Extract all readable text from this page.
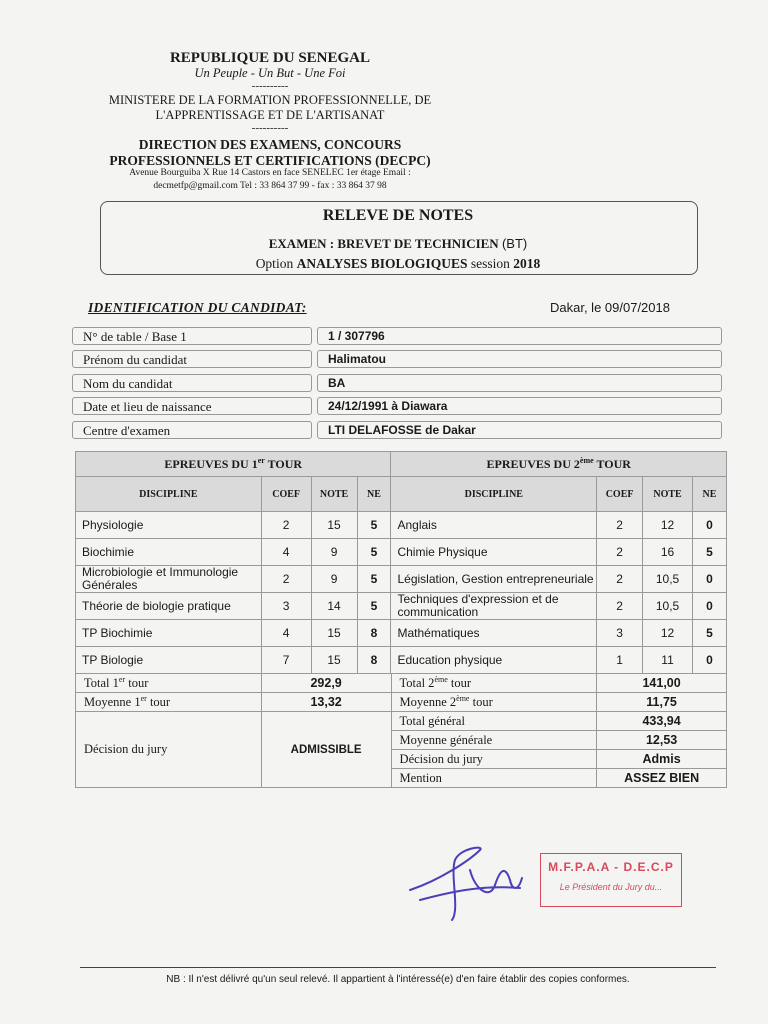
REPUBLIQUE DU SENEGAL
Un Peuple - Un But - Une Foi
----------
MINISTERE DE LA FORMATION PROFESSIONNELLE, DE
L'APPRENTISSAGE ET DE L'ARTISANAT
----------
DIRECTION DES EXAMENS, CONCOURS
PROFESSIONNELS ET CERTIFICATIONS (DECPC)
Avenue Bourguiba X Rue 14 Castors en face SENELEC 1er étage Email :
decmetfp@gmail.com Tel : 33 864 37 99 - fax : 33 864 37 98
RELEVE DE NOTES
EXAMEN : BREVET DE TECHNICIEN (BT)
Option ANALYSES BIOLOGIQUES session 2018
IDENTIFICATION DU CANDIDAT:	Dakar, le 09/07/2018
N° de table / Base 1	1 / 307796
Prénom du candidat	Halimatou
Nom du candidat	BA
Date et lieu de naissance	24/12/1991 à Diawara
Centre d'examen	LTI DELAFOSSE de Dakar
EPREUVES DU 1er TOUR				EPREUVES DU 2ème TOUR			
DISCIPLINE	COEF	NOTE	NE	DISCIPLINE	COEF	NOTE	NE
Physiologie	2	15	5	Anglais	2	12	0
Biochimie	4	9	5	Chimie Physique	2	16	5
Microbiologie et Immunologie Générales	2	9	5	Législation, Gestion entrepreneuriale	2	10,5	0
Théorie de biologie pratique	3	14	5	Techniques d'expression et de communication	2	10,5	0
TP Biochimie	4	15	8	Mathématiques	3	12	5
TP Biologie	7	15	8	Education physique	1	11	0
Total 1er tour	292,9	Total 2ème tour	141,00
Moyenne 1er tour	13,32	Moyenne 2ème tour	11,75
Décision du jury	ADMISSIBLE	Total général	433,94
		Moyenne générale	12,53
		Décision du jury	Admis
		Mention	ASSEZ BIEN
M.F.P.A.A - D.E.C.P
Le Président du Jury du...
NB : Il n'est délivré qu'un seul relevé. Il appartient à l'intéressé(e) d'en faire établir des copies conformes.
